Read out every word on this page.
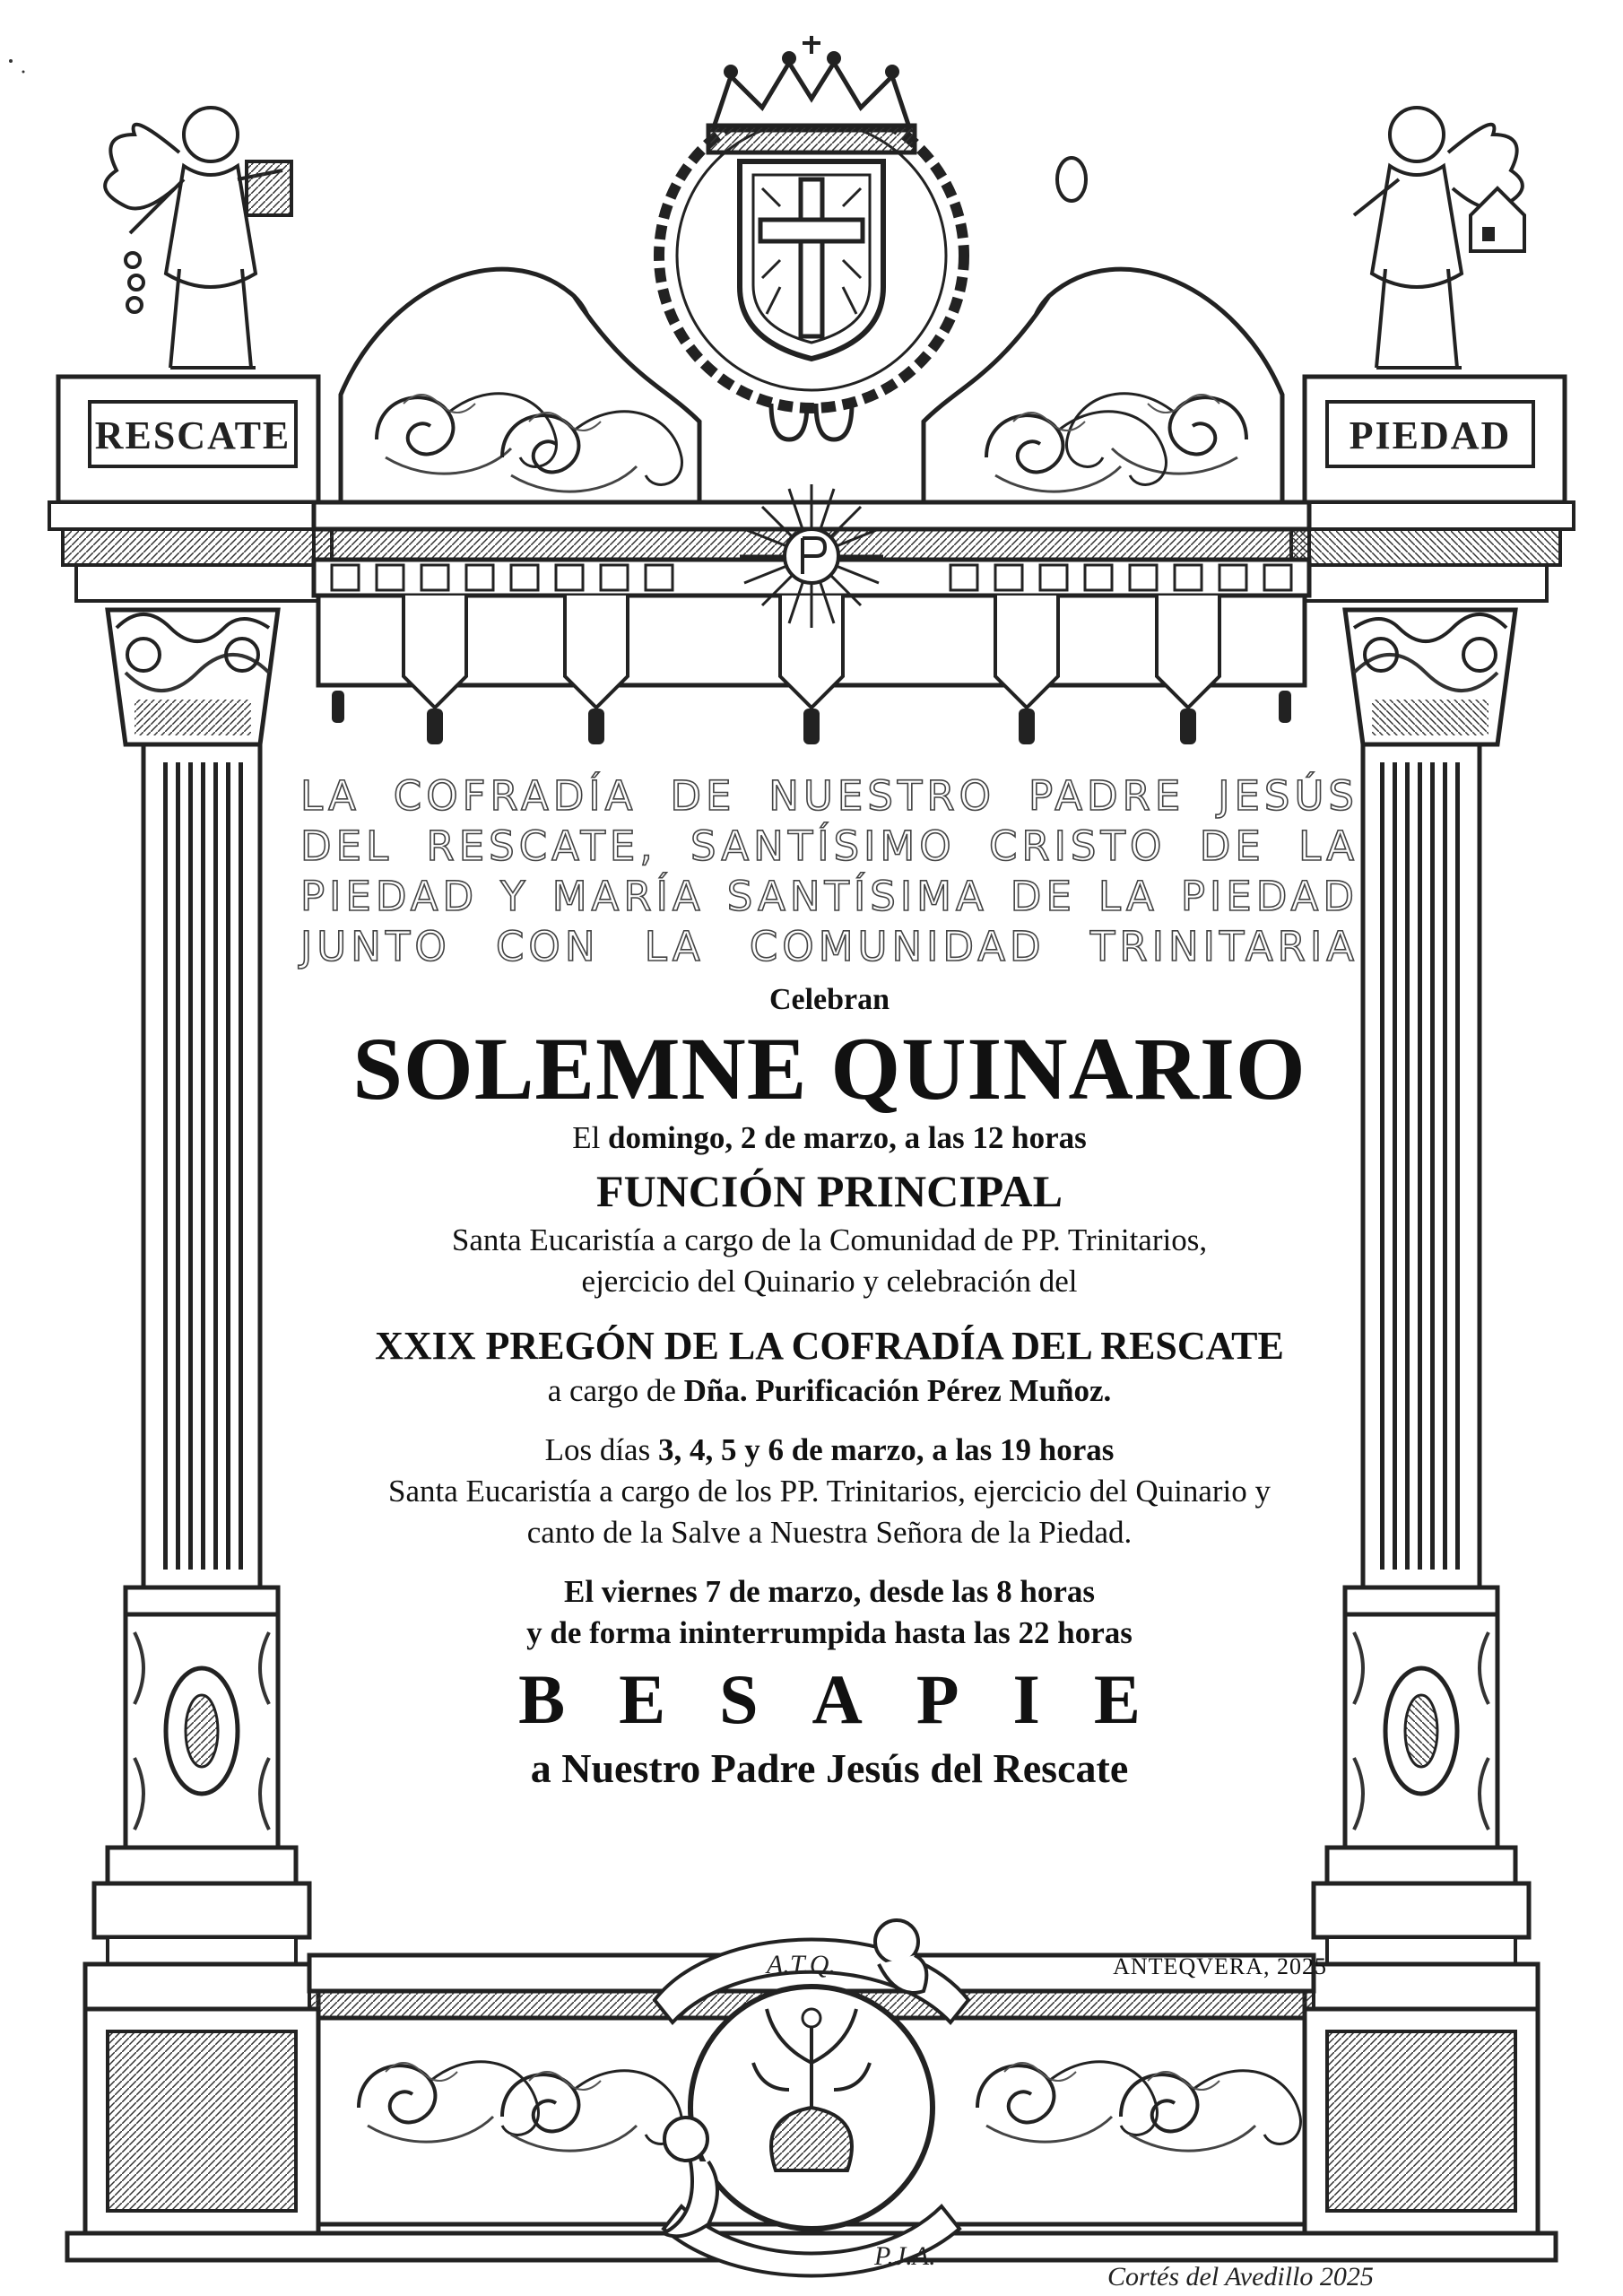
RESCATE	PIEDAD
A.T.Q.
P.J.A.
Cortés del Avedillo 2025

LA COFRADÍA DE NUESTRO PADRE JESÚS

DEL RESCATE, SANTÍSIMO CRISTO DE LA

PIEDAD Y MARÍA SANTÍSIMA DE LA PIEDAD

JUNTO CON LA COMUNIDAD TRINITARIA

Celebran

SOLEMNE QUINARIO

El domingo, 2 de marzo, a las 12 horas

FUNCIÓN PRINCIPAL

Santa Eucaristía a cargo de la Comunidad de PP. Trinitarios,

ejercicio del Quinario y celebración del

XXIX PREGÓN DE LA COFRADÍA DEL RESCATE

a cargo de Dña. Purificación Pérez Muñoz.

Los días 3, 4, 5 y 6 de marzo, a las 19 horas

Santa Eucaristía a cargo de los PP. Trinitarios, ejercicio del Quinario y

canto de la Salve a Nuestra Señora de la Piedad.

El viernes 7 de marzo, desde las 8 horas

y de forma ininterrumpida hasta las 22 horas

BESAPIE

a Nuestro Padre Jesús del Rescate

ANTEQVERA, 2025
